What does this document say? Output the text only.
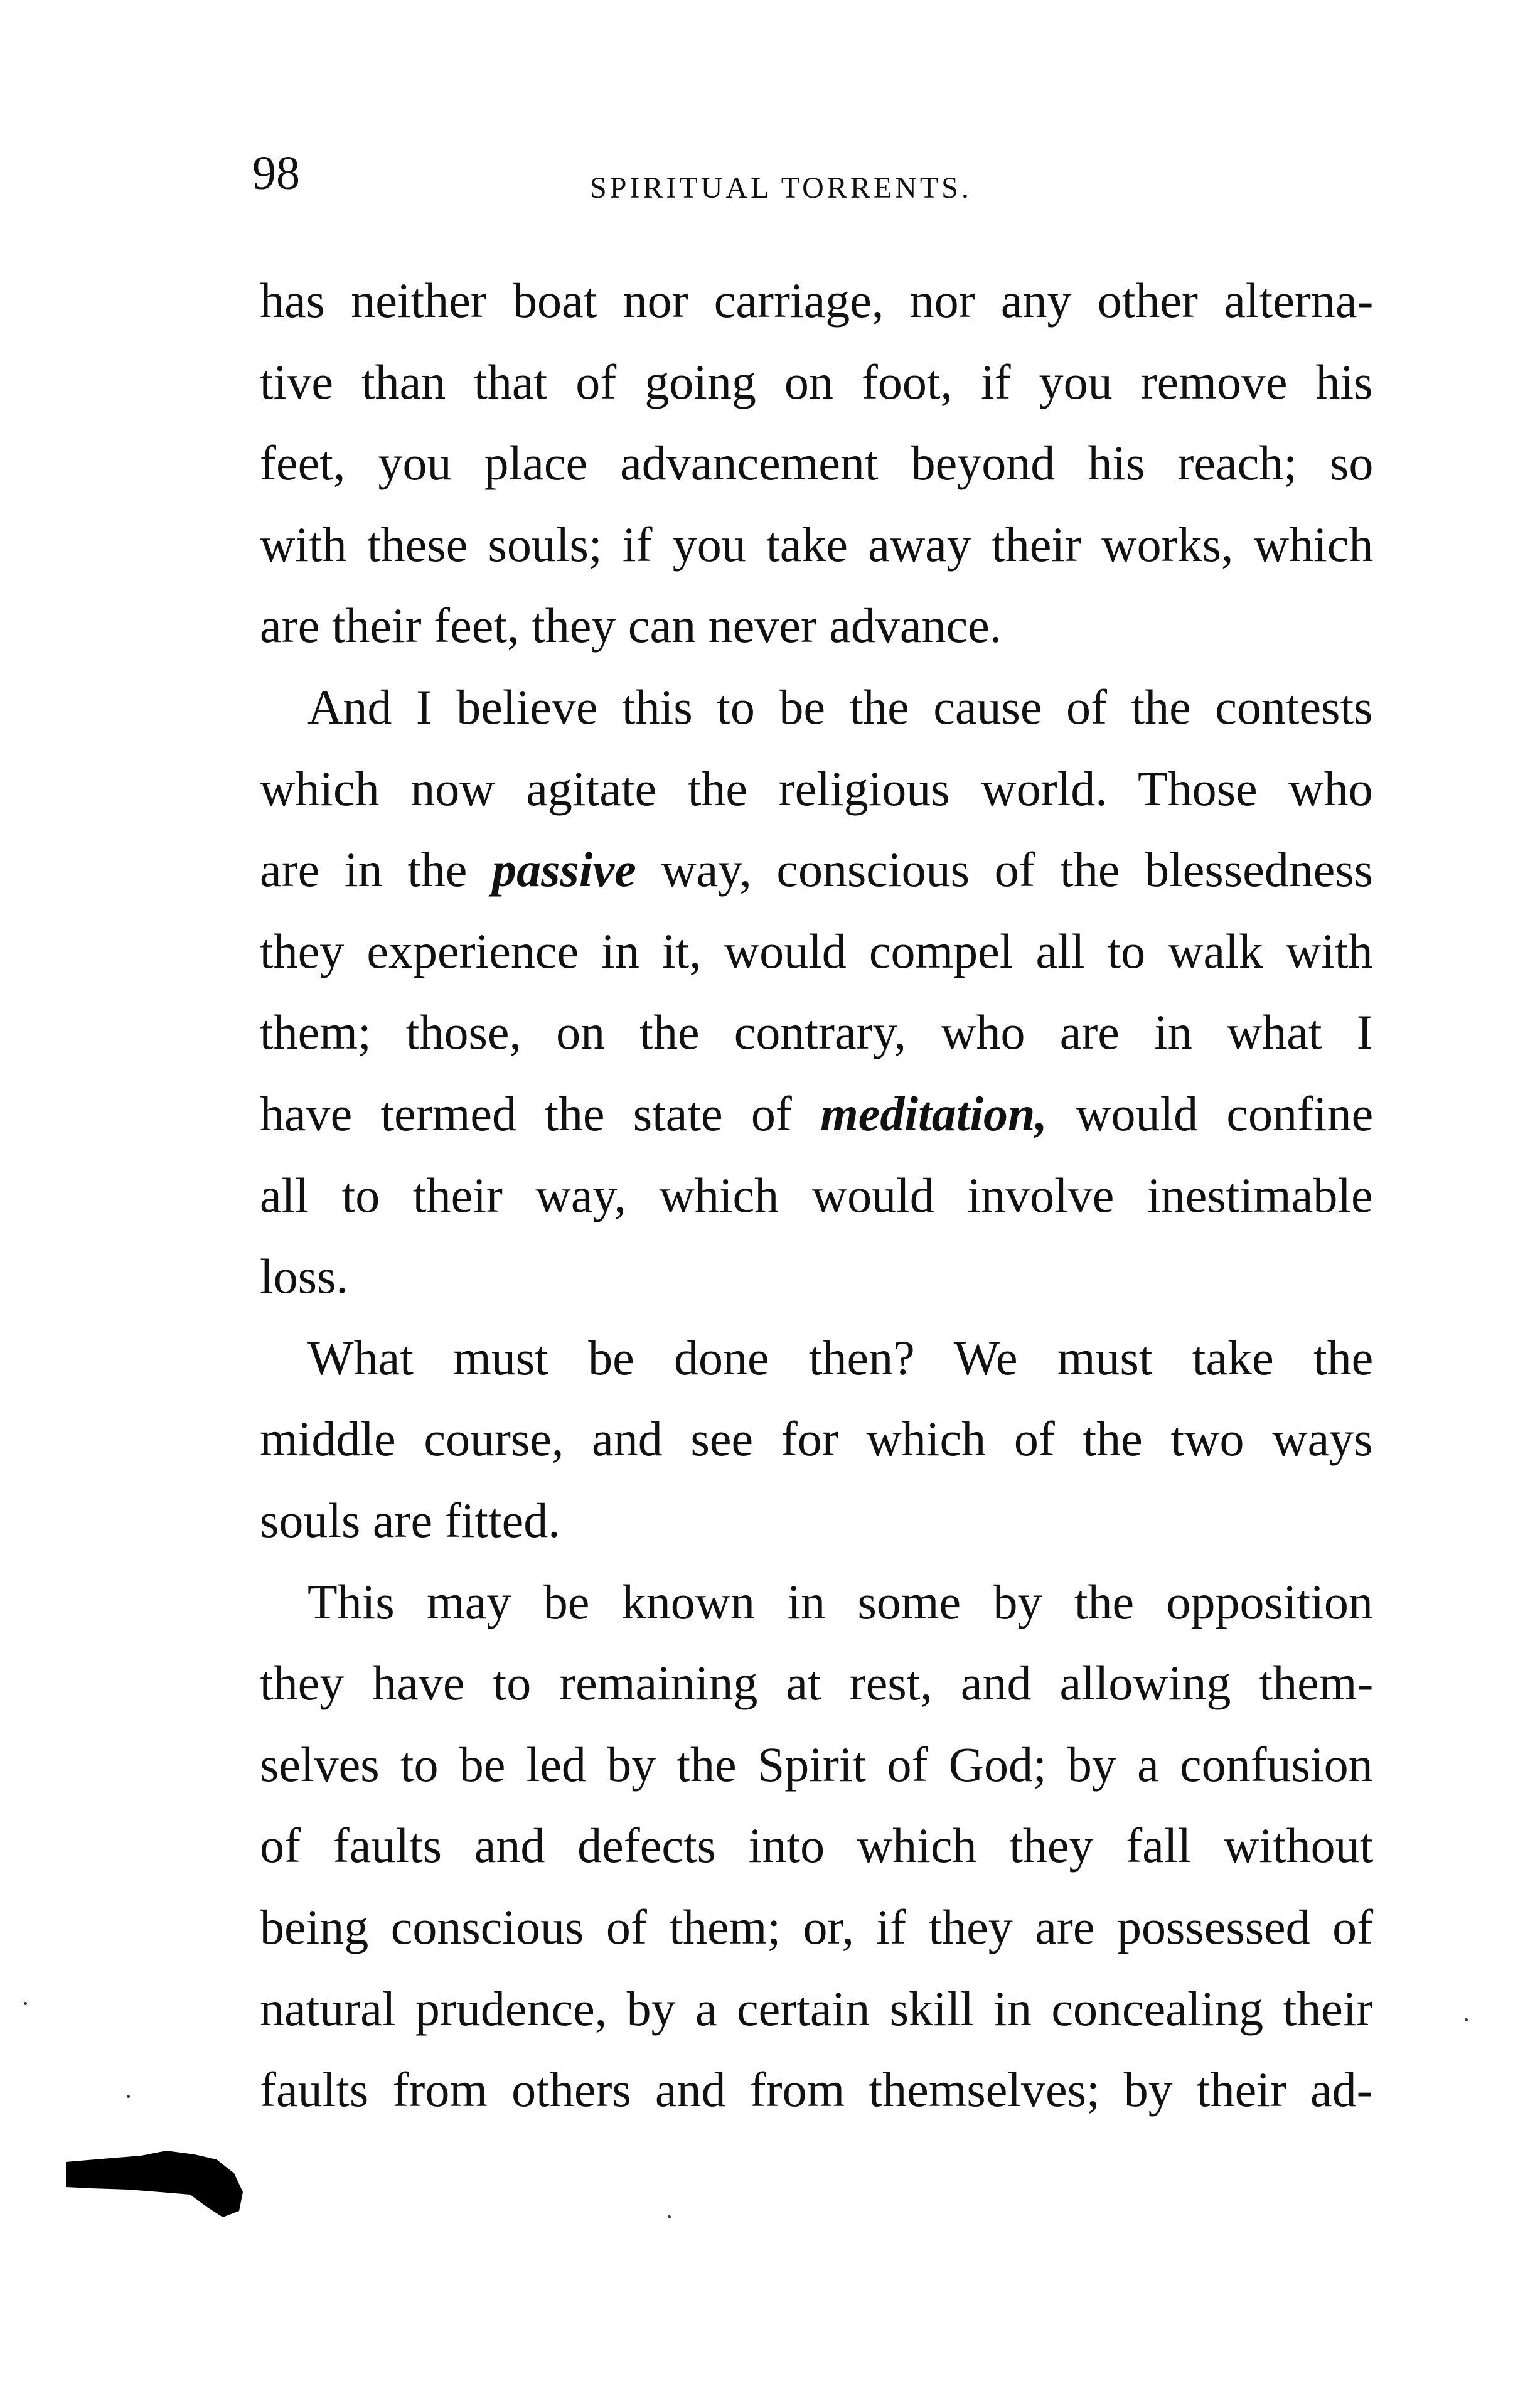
98	SPIRITUAL TORRENTS.
has neither boat nor carriage, nor any other alterna-
tive than that of going on foot, if you remove his
feet, you place advancement beyond his reach; so
with these souls; if you take away their works, which
are their feet, they can never advance.
And I believe this to be the cause of the contests
which now agitate the religious world. Those who
are in the passive way, conscious of the blessedness
they experience in it, would compel all to walk with
them; those, on the contrary, who are in what I
have termed the state of meditation, would confine
all to their way, which would involve inestimable
loss.
What must be done then? We must take the
middle course, and see for which of the two ways
souls are fitted.
This may be known in some by the opposition
they have to remaining at rest, and allowing them-
selves to be led by the Spirit of God; by a confusion
of faults and defects into which they fall without
being conscious of them; or, if they are possessed of
natural prudence, by a certain skill in concealing their
faults from others and from themselves; by their ad-
